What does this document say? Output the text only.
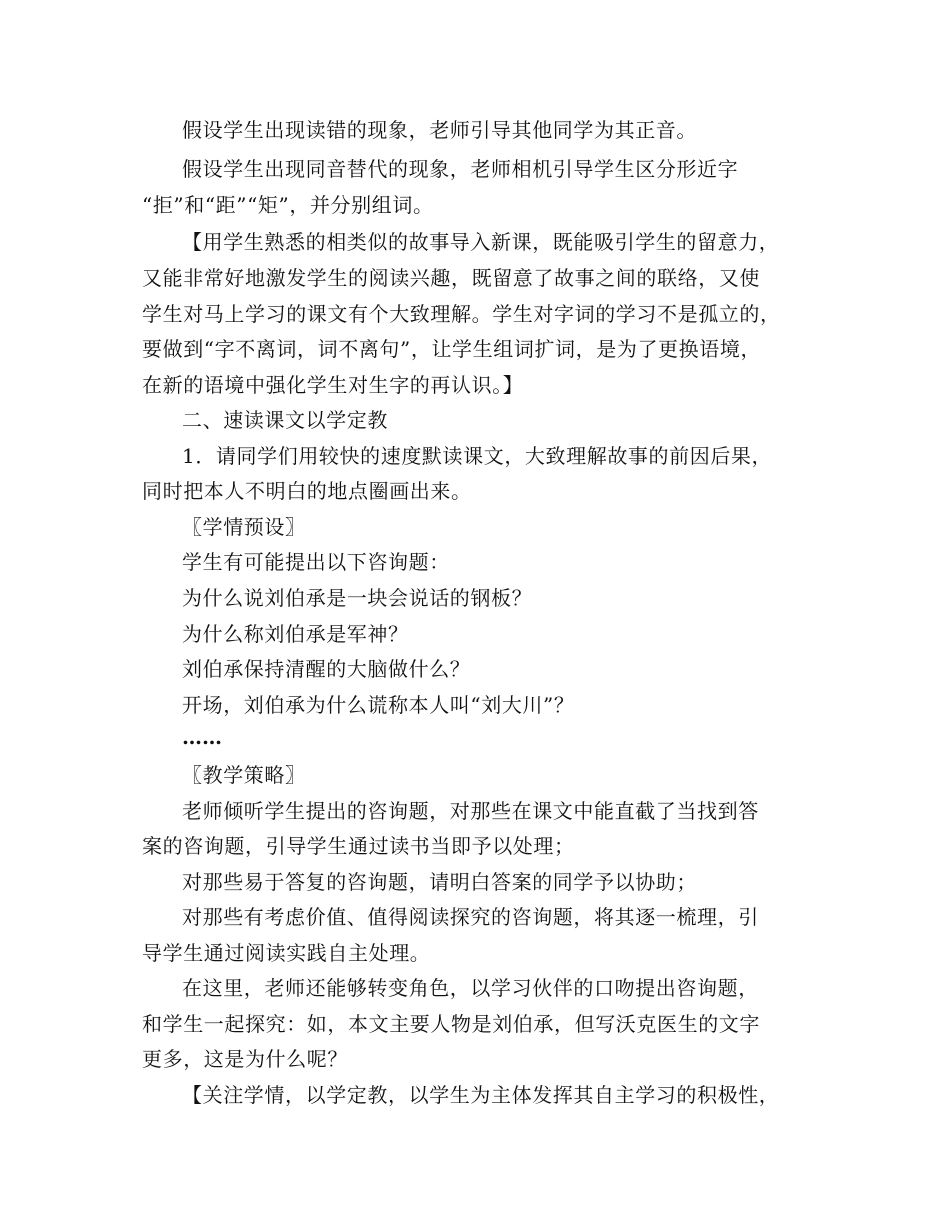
假设学生出现读错的现象，老师引导其他同学为其正音。
假设学生出现同音替代的现象，老师相机引导学生区分形近字
“拒”和“距”“矩”，并分别组词。
【用学生熟悉的相类似的故事导入新课，既能吸引学生的留意力，
又能非常好地激发学生的阅读兴趣，既留意了故事之间的联络，又使
学生对马上学习的课文有个大致理解。学生对字词的学习不是孤立的，
要做到“字不离词，词不离句”，让学生组词扩词，是为了更换语境，
在新的语境中强化学生对生字的再认识。】
二、速读课文以学定教
1．请同学们用较快的速度默读课文，大致理解故事的前因后果，
同时把本人不明白的地点圈画出来。
〖学情预设〗
学生有可能提出以下咨询题：
为什么说刘伯承是一块会说话的钢板？
为什么称刘伯承是军神？
刘伯承保持清醒的大脑做什么？
开场，刘伯承为什么谎称本人叫“刘大川”？
……
〖教学策略〗
老师倾听学生提出的咨询题，对那些在课文中能直截了当找到答
案的咨询题，引导学生通过读书当即予以处理；
对那些易于答复的咨询题，请明白答案的同学予以协助；
对那些有考虑价值、值得阅读探究的咨询题，将其逐一梳理，引
导学生通过阅读实践自主处理。
在这里，老师还能够转变角色，以学习伙伴的口吻提出咨询题，
和学生一起探究：如，本文主要人物是刘伯承，但写沃克医生的文字
更多，这是为什么呢？
【关注学情，以学定教，以学生为主体发挥其自主学习的积极性，
